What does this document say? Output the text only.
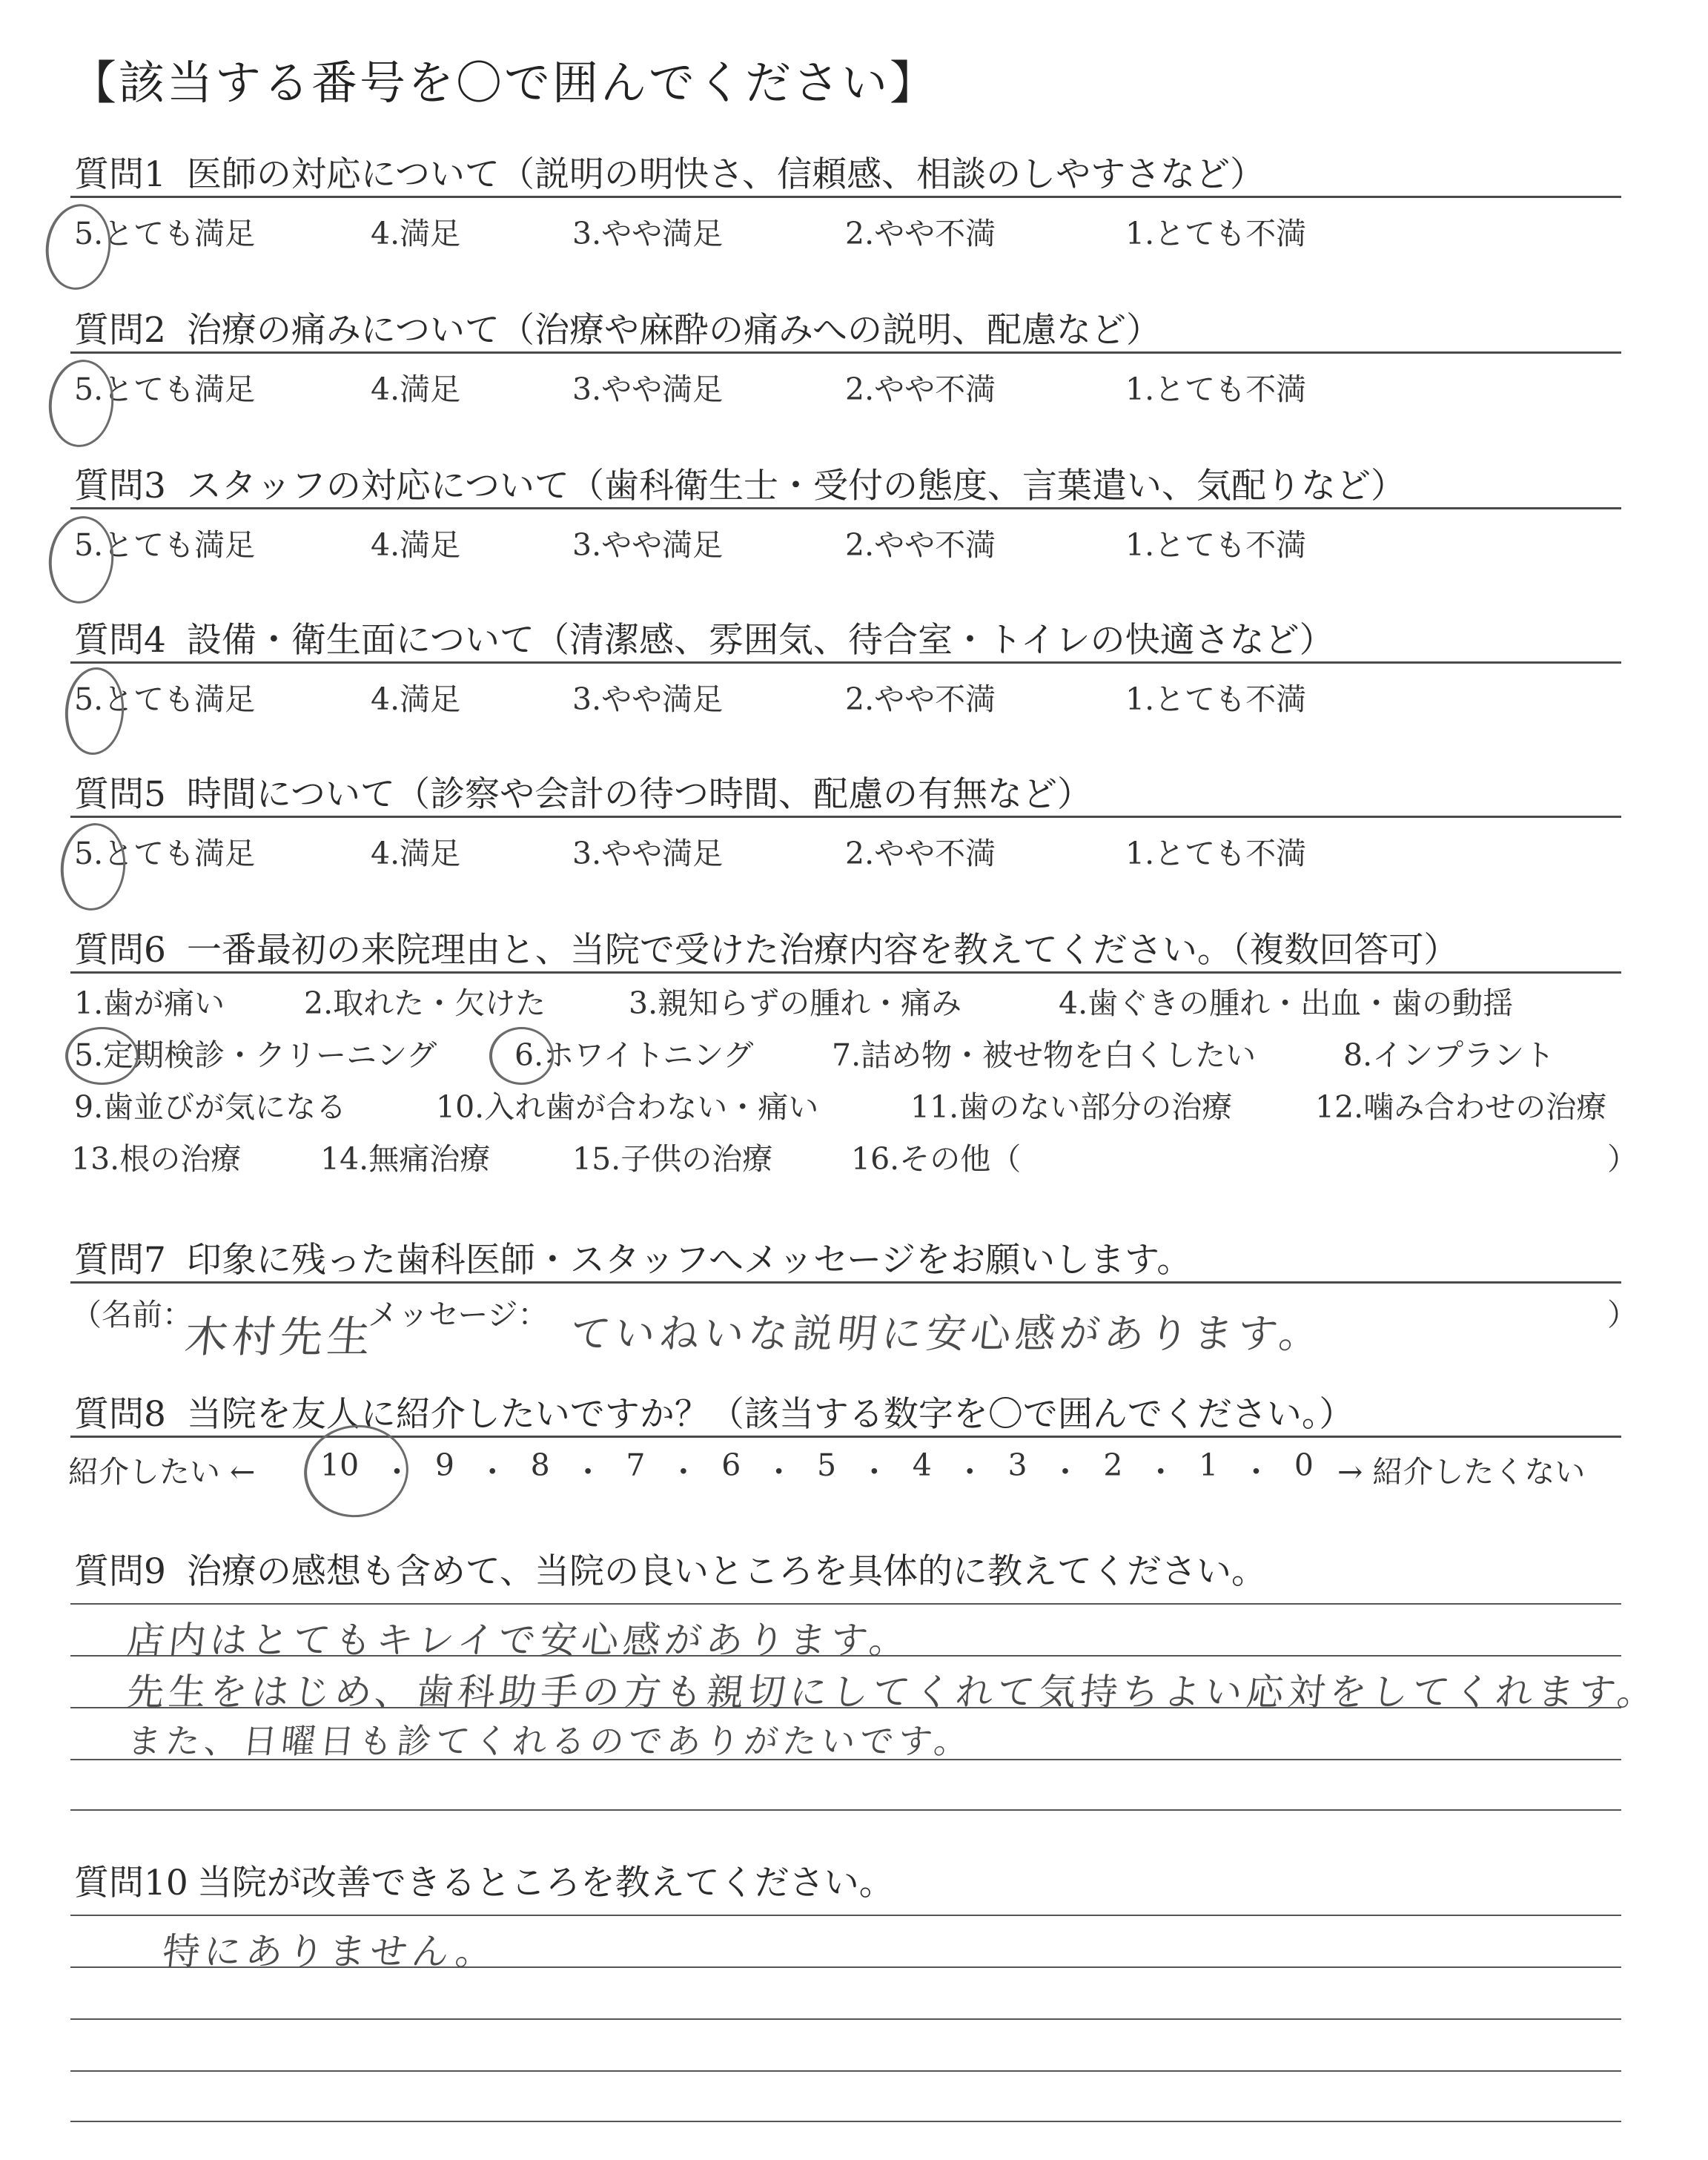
【該当する番号を〇で囲んでください】
質問1 医師の対応について（説明の明快さ、信頼感、相談のしやすさなど）
5.とても満足	4.満足	3.やや満足	2.やや不満	1.とても不満
質問2 治療の痛みについて（治療や麻酔の痛みへの説明、配慮など）
5.とても満足	4.満足	3.やや満足	2.やや不満	1.とても不満
質問3 スタッフの対応について（歯科衛生士・受付の態度、言葉遣い、気配りなど）
5.とても満足	4.満足	3.やや満足	2.やや不満	1.とても不満
質問4 設備・衛生面について（清潔感、雰囲気、待合室・トイレの快適さなど）
5.とても満足	4.満足	3.やや満足	2.やや不満	1.とても不満
質問5 時間について（診察や会計の待つ時間、配慮の有無など）
5.とても満足	4.満足	3.やや満足	2.やや不満	1.とても不満
質問6 一番最初の来院理由と、当院で受けた治療内容を教えてください。（複数回答可）
1.歯が痛い	2.取れた・欠けた	3.親知らずの腫れ・痛み	4.歯ぐきの腫れ・出血・歯の動揺
5.定期検診・クリーニング	6.ホワイトニング	7.詰め物・被せ物を白くしたい	8.インプラント
9.歯並びが気になる	10.入れ歯が合わない・痛い	11.歯のない部分の治療	12.噛み合わせの治療
13.根の治療	14.無痛治療	15.子供の治療	16.その他（	）
質問7 印象に残った歯科医師・スタッフへメッセージをお願いします。
（名前：
木村先生
メッセージ： ていねいな説明に安心感があります。	）
質問8 当院を友人に紹介したいですか？（該当する数字を〇で囲んでください。）
紹介したい ← 10 ・ 9 ・ 8 ・ 7 ・ 6 ・ 5 ・ 4 ・ 3 ・ 2 ・ 1 ・ 0 → 紹介したくない
質問9 治療の感想も含めて、当院の良いところを具体的に教えてください。
店内はとてもキレイで安心感があります。
先生をはじめ、歯科助手の方も親切にしてくれて気持ちよい応対をしてくれます。
また、日曜日も診てくれるのでありがたいです。
質問10 当院が改善できるところを教えてください。
特にありません。
